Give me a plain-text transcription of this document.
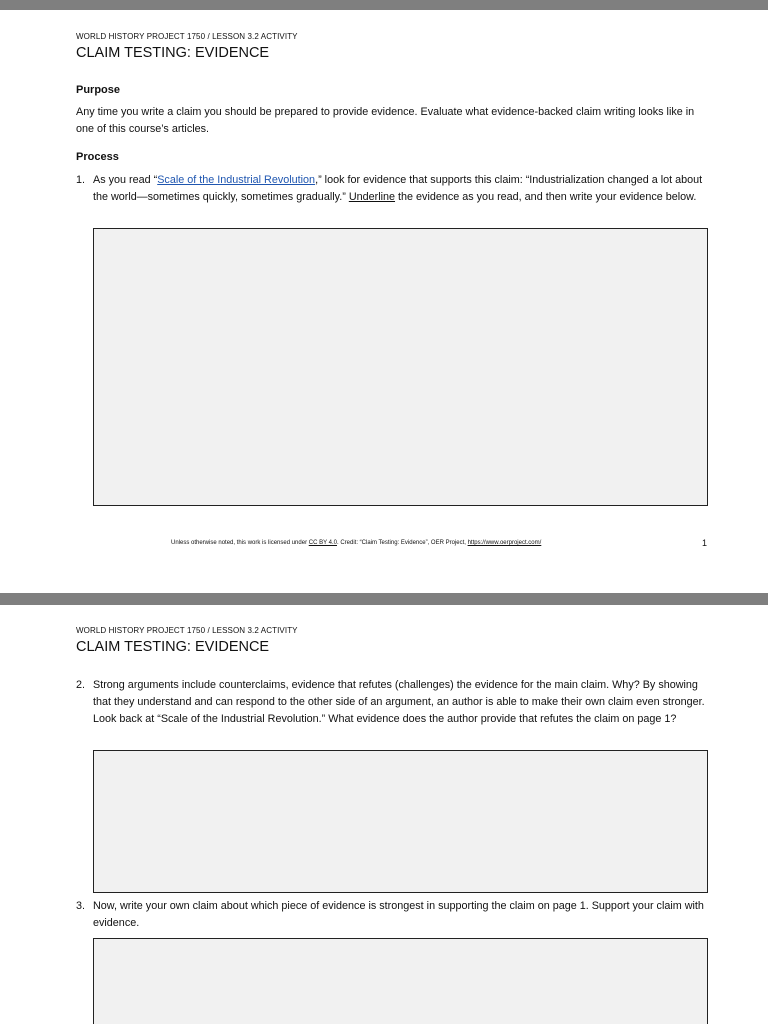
WORLD HISTORY PROJECT 1750 / LESSON 3.2 ACTIVITY
CLAIM TESTING: EVIDENCE
Purpose
Any time you write a claim you should be prepared to provide evidence. Evaluate what evidence-backed claim writing looks like in one of this course’s articles.
Process
1. As you read “Scale of the Industrial Revolution,” look for evidence that supports this claim: “Industrialization changed a lot about the world—sometimes quickly, sometimes gradually.” Underline the evidence as you read, and then write your evidence below.
Unless otherwise noted, this work is licensed under CC BY 4.0. Credit: “Claim Testing: Evidence”, OER Project, https://www.oerproject.com/	1
WORLD HISTORY PROJECT 1750 / LESSON 3.2 ACTIVITY
CLAIM TESTING: EVIDENCE
2. Strong arguments include counterclaims, evidence that refutes (challenges) the evidence for the main claim. Why? By showing that they understand and can respond to the other side of an argument, an author is able to make their own claim even stronger. Look back at “Scale of the Industrial Revolution.” What evidence does the author provide that refutes the claim on page 1?
3. Now, write your own claim about which piece of evidence is strongest in supporting the claim on page 1. Support your claim with evidence.
